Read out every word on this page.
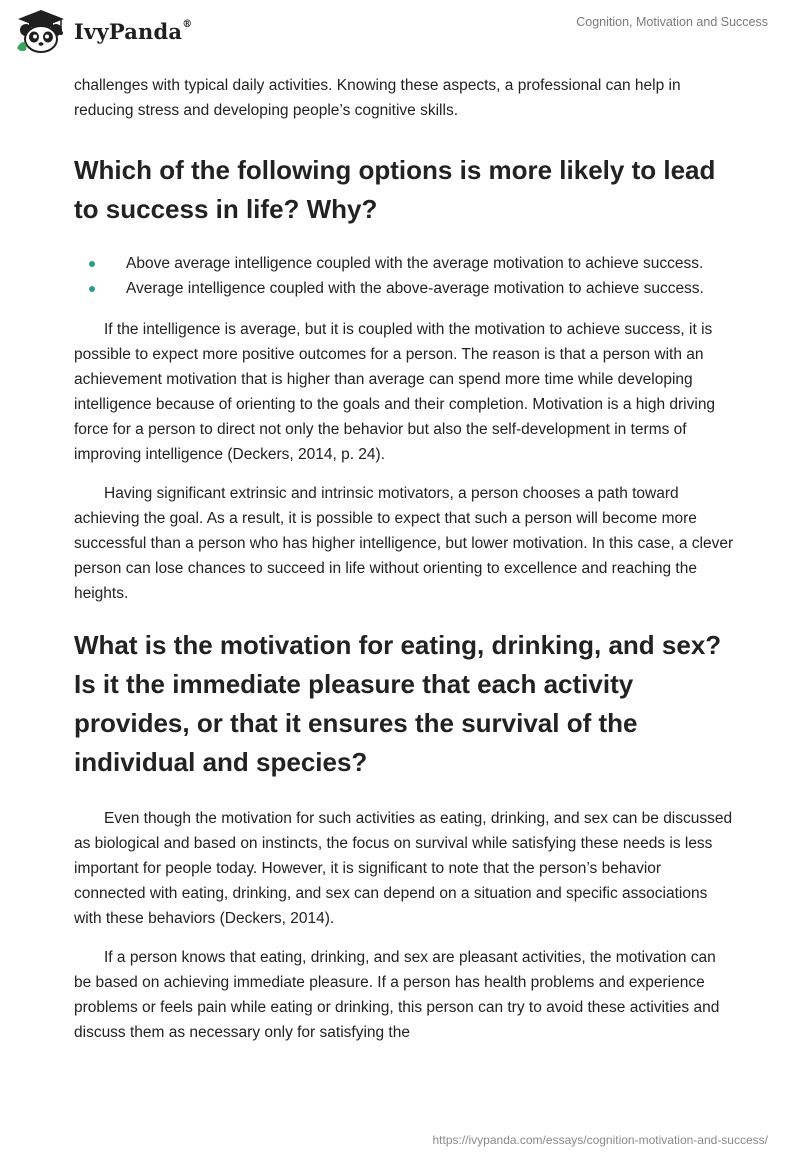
IvyPanda®	Cognition, Motivation and Success

challenges with typical daily activities. Knowing these aspects, a professional can help in reducing stress and developing people’s cognitive skills.

Which of the following options is more likely to lead to success in life? Why?
Above average intelligence coupled with the average motivation to achieve success.
Average intelligence coupled with the above-average motivation to achieve success.

If the intelligence is average, but it is coupled with the motivation to achieve success, it is possible to expect more positive outcomes for a person. The reason is that a person with an achievement motivation that is higher than average can spend more time while developing intelligence because of orienting to the goals and their completion. Motivation is a high driving force for a person to direct not only the behavior but also the self-development in terms of improving intelligence (Deckers, 2014, p. 24).

Having significant extrinsic and intrinsic motivators, a person chooses a path toward achieving the goal. As a result, it is possible to expect that such a person will become more successful than a person who has higher intelligence, but lower motivation. In this case, a clever person can lose chances to succeed in life without orienting to excellence and reaching the heights.

What is the motivation for eating, drinking, and sex? Is it the immediate pleasure that each activity provides, or that it ensures the survival of the individual and species?

Even though the motivation for such activities as eating, drinking, and sex can be discussed as biological and based on instincts, the focus on survival while satisfying these needs is less important for people today. However, it is significant to note that the person’s behavior connected with eating, drinking, and sex can depend on a situation and specific associations with these behaviors (Deckers, 2014).

If a person knows that eating, drinking, and sex are pleasant activities, the motivation can be based on achieving immediate pleasure. If a person has health problems and experience problems or feels pain while eating or drinking, this person can try to avoid these activities and discuss them as necessary only for satisfying the

https://ivypanda.com/essays/cognition-motivation-and-success/
